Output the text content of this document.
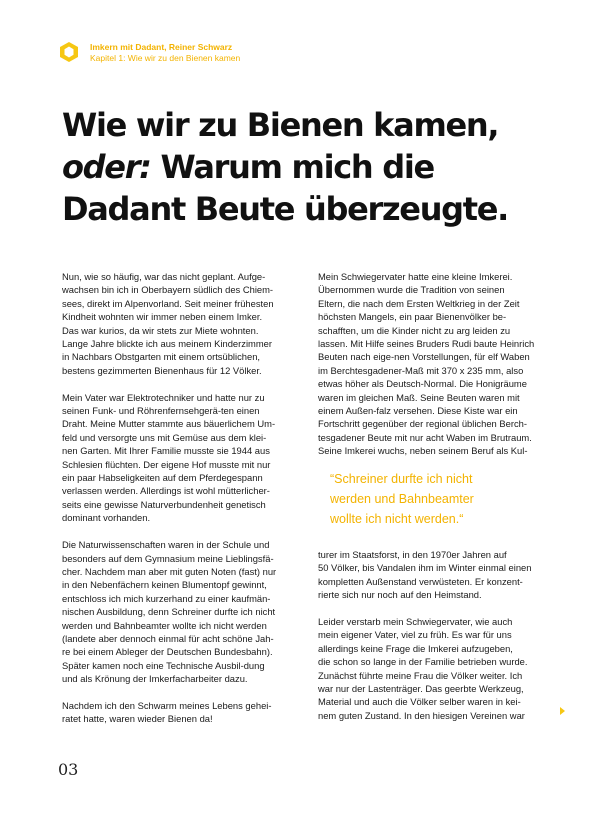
Imkern mit Dadant, Reiner Schwarz
Kapitel 1: Wie wir zu den Bienen kamen
Wie wir zu Bienen kamen,
oder: Warum mich die
Dadant Beute überzeugte.

Nun, wie so häufig, war das nicht geplant. Aufge-
wachsen bin ich in Oberbayern südlich des Chiem-
sees, direkt im Alpenvorland. Seit meiner frühesten
Kindheit wohnten wir immer neben einem Imker.
Das war kurios, da wir stets zur Miete wohnten.
Lange Jahre blickte ich aus meinem Kinderzimmer
in Nachbars Obstgarten mit einem ortsüblichen,
bestens gezimmerten Bienenhaus für 12 Völker.

Mein Vater war Elektrotechniker und hatte nur zu
seinen Funk- und Röhrenfernsehgerä-ten einen
Draht. Meine Mutter stammte aus bäuerlichem Um-
feld und versorgte uns mit Gemüse aus dem klei-
nen Garten. Mit Ihrer Familie musste sie 1944 aus
Schlesien flüchten. Der eigene Hof musste mit nur
ein paar Habseligkeiten auf dem Pferdegespann
verlassen werden. Allerdings ist wohl mütterlicher-
seits eine gewisse Naturverbundenheit genetisch
dominant vorhanden.

Die Naturwissenschaften waren in der Schule und
besonders auf dem Gymnasium meine Lieblingsfä-
cher. Nachdem man aber mit guten Noten (fast) nur
in den Nebenfächern keinen Blumentopf gewinnt,
entschloss ich mich kurzerhand zu einer kaufmän-
nischen Ausbildung, denn Schreiner durfte ich nicht
werden und Bahnbeamter wollte ich nicht werden
(landete aber dennoch einmal für acht schöne Jah-
re bei einem Ableger der Deutschen Bundesbahn).
Später kamen noch eine Technische Ausbil-dung
und als Krönung der Imkerfacharbeiter dazu.

Nachdem ich den Schwarm meines Lebens gehei-
ratet hatte, waren wieder Bienen da!

Mein Schwiegervater hatte eine kleine Imkerei.
Übernommen wurde die Tradition von seinen
Eltern, die nach dem Ersten Weltkrieg in der Zeit
höchsten Mangels, ein paar Bienenvölker be-
schafften, um die Kinder nicht zu arg leiden zu
lassen. Mit Hilfe seines Bruders Rudi baute Heinrich
Beuten nach eige-nen Vorstellungen, für elf Waben
im Berchtesgadener-Maß mit 370 x 235 mm, also
etwas höher als Deutsch-Normal. Die Honigräume
waren im gleichen Maß. Seine Beuten waren mit
einem Außen-falz versehen. Diese Kiste war ein
Fortschritt gegenüber der regional üblichen Berch-
tesgadener Beute mit nur acht Waben im Brutraum.
Seine Imkerei wuchs, neben seinem Beruf als Kul-

“Schreiner durfte ich nicht
werden und Bahnbeamter
wollte ich nicht werden.“

turer im Staatsforst, in den 1970er Jahren auf
50 Völker, bis Vandalen ihm im Winter einmal einen
kompletten Außenstand verwüsteten. Er konzent-
rierte sich nur noch auf den Heimstand.

Leider verstarb mein Schwiegervater, wie auch
mein eigener Vater, viel zu früh. Es war für uns
allerdings keine Frage die Imkerei aufzugeben,
die schon so lange in der Familie betrieben wurde.
Zunächst führte meine Frau die Völker weiter. Ich
war nur der Lastenträger. Das geerbte Werkzeug,
Material und auch die Völker selber waren in kei-
nem guten Zustand. In den hiesigen Vereinen war

03
